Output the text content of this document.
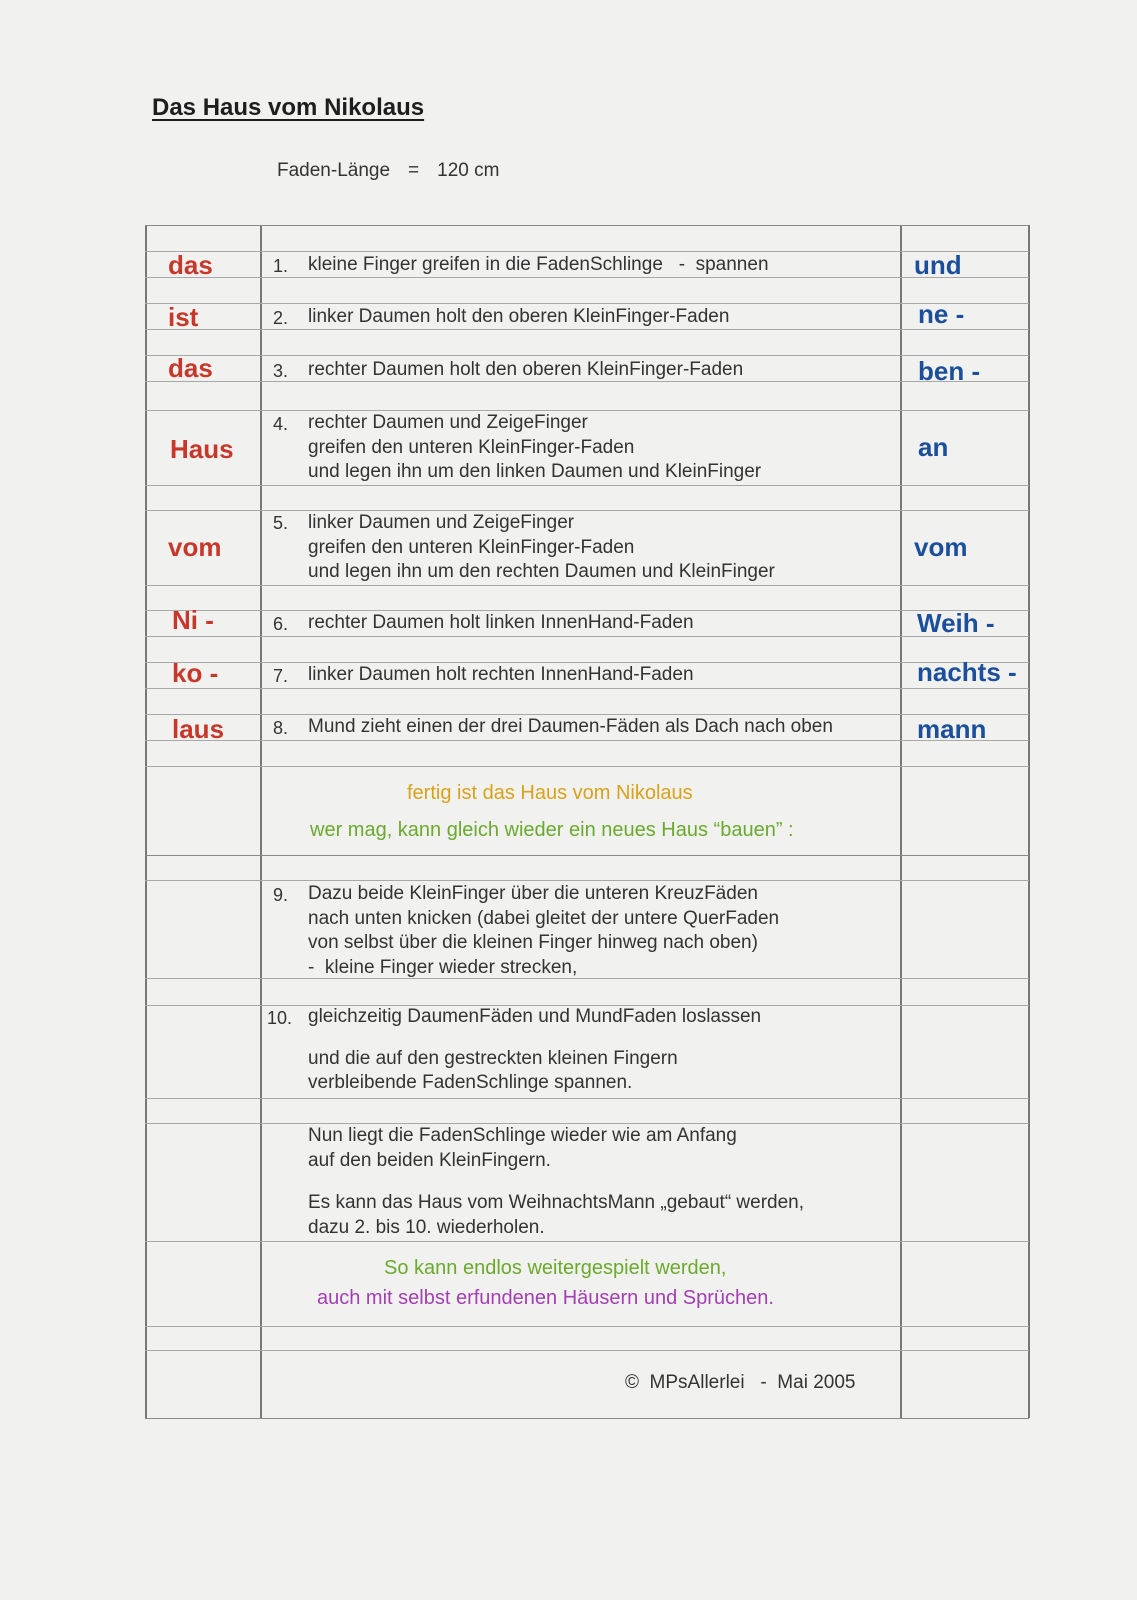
Das Haus vom Nikolaus
Faden-Länge = 120 cm
das
ist
das
Haus
vom
Ni -
ko -
laus
und
ne -
ben -
an
vom
Weih -
nachts -
mann
1. kleine Finger greifen in die FadenSchlinge   -  spannen
2. linker Daumen holt den oberen KleinFinger-Faden
3. rechter Daumen holt den oberen KleinFinger-Faden
4. rechter Daumen und ZeigeFinger
greifen den unteren KleinFinger-Faden
und legen ihn um den linken Daumen und KleinFinger
5. linker Daumen und ZeigeFinger
greifen den unteren KleinFinger-Faden
und legen ihn um den rechten Daumen und KleinFinger
6. rechter Daumen holt linken InnenHand-Faden
7. linker Daumen holt rechten InnenHand-Faden
8. Mund zieht einen der drei Daumen-Fäden als Dach nach oben
fertig ist das Haus vom Nikolaus
wer mag, kann gleich wieder ein neues Haus “bauen” :
9. Dazu beide KleinFinger über die unteren KreuzFäden
nach unten knicken (dabei gleitet der untere QuerFaden
von selbst über die kleinen Finger hinweg nach oben)
-  kleine Finger wieder strecken,
10. gleichzeitig DaumenFäden und MundFaden loslassen
und die auf den gestreckten kleinen Fingern
verbleibende FadenSchlinge spannen.
Nun liegt die FadenSchlinge wieder wie am Anfang
auf den beiden KleinFingern.
Es kann das Haus vom WeihnachtsMann „gebaut“ werden,
dazu 2. bis 10. wiederholen.
So kann endlos weitergespielt werden,
auch mit selbst erfundenen Häusern und Sprüchen.
©  MPsAllerlei   -  Mai 2005
